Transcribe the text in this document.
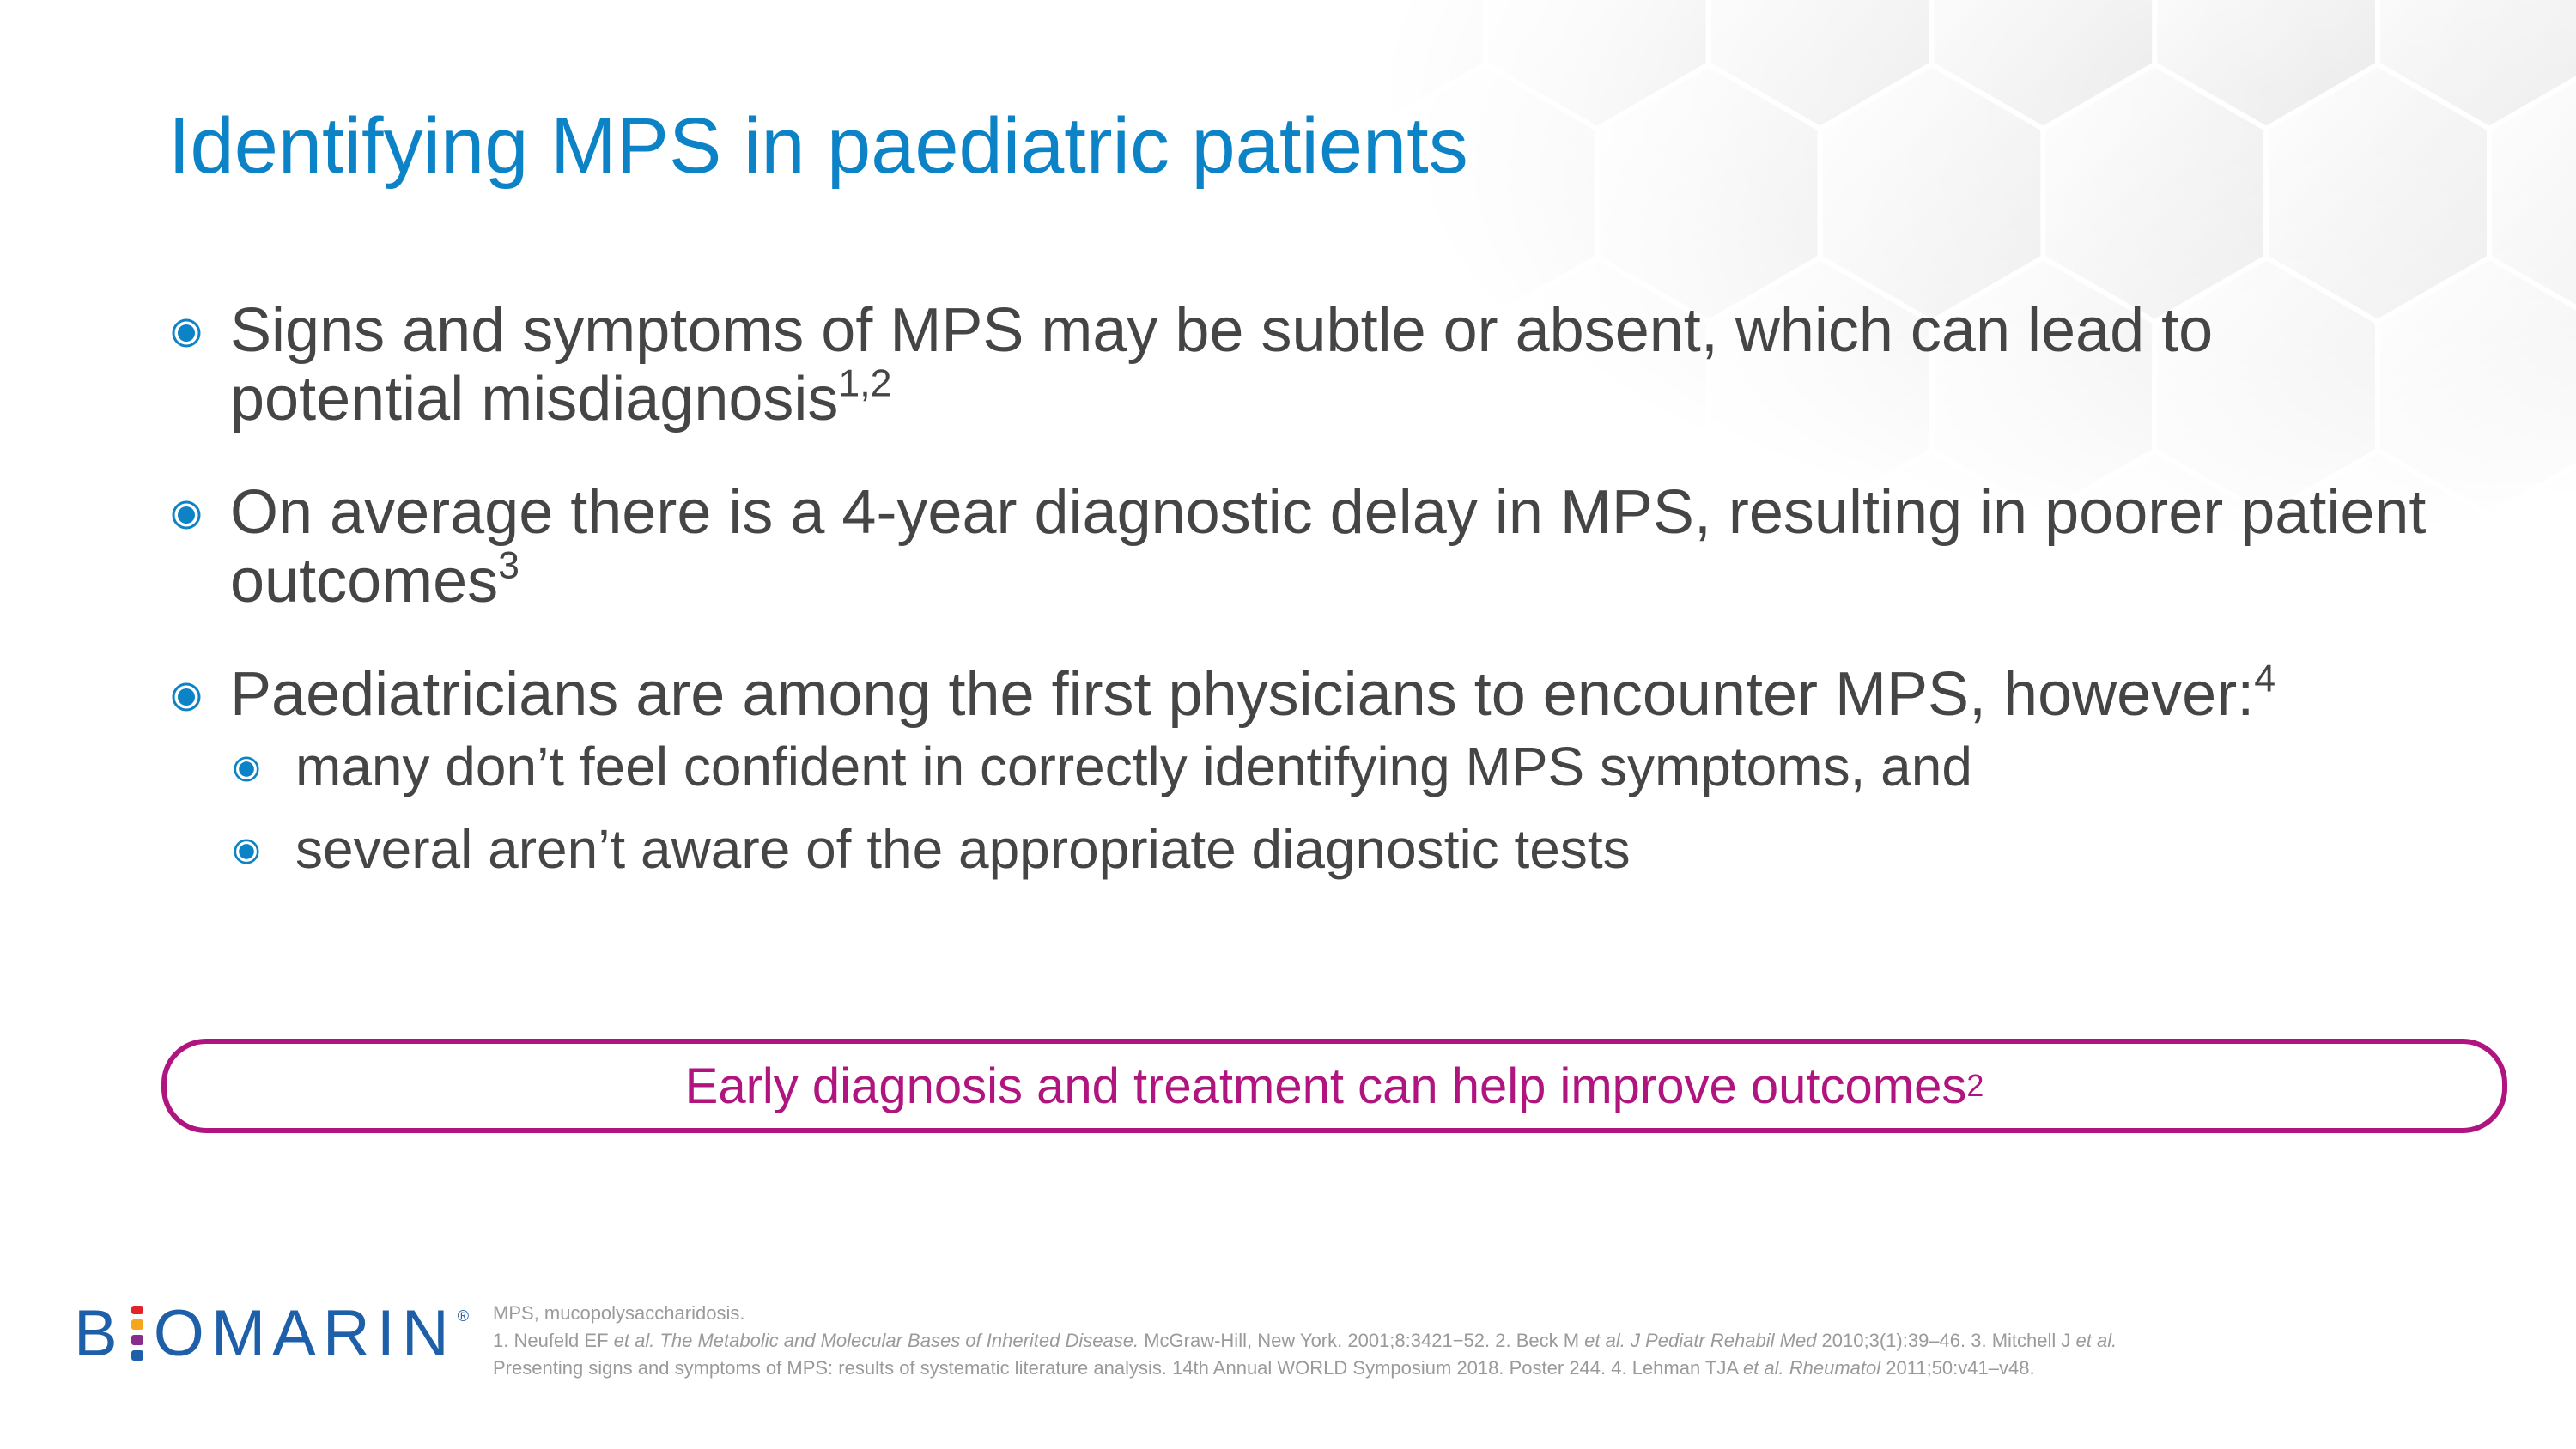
Identifying MPS in paediatric patients
Signs and symptoms of MPS may be subtle or absent, which can lead to potential misdiagnosis$^{1,2}$
On average there is a 4-year diagnostic delay in MPS, resulting in poorer patient outcomes$^3$
Paediatricians are among the first physicians to encounter MPS, however:$^4$
many don’t feel confident in correctly identifying MPS symptoms, and
several aren’t aware of the appropriate diagnostic tests
Early diagnosis and treatment can help improve outcomes 2
B OMARIN ® MPS, mucopolysaccharidosis.
1. Neufeld EF et al. The Metabolic and Molecular Bases of Inherited Disease. McGraw-Hill, New York. 2001;8:3421−52. 2. Beck M et al. J Pediatr Rehabil Med 2010;3(1):39–46. 3. Mitchell J et al.
Presenting signs and symptoms of MPS: results of systematic literature analysis. 14th Annual WORLD Symposium 2018. Poster 244. 4. Lehman TJA et al. Rheumatol 2011;50:v41–v48.
